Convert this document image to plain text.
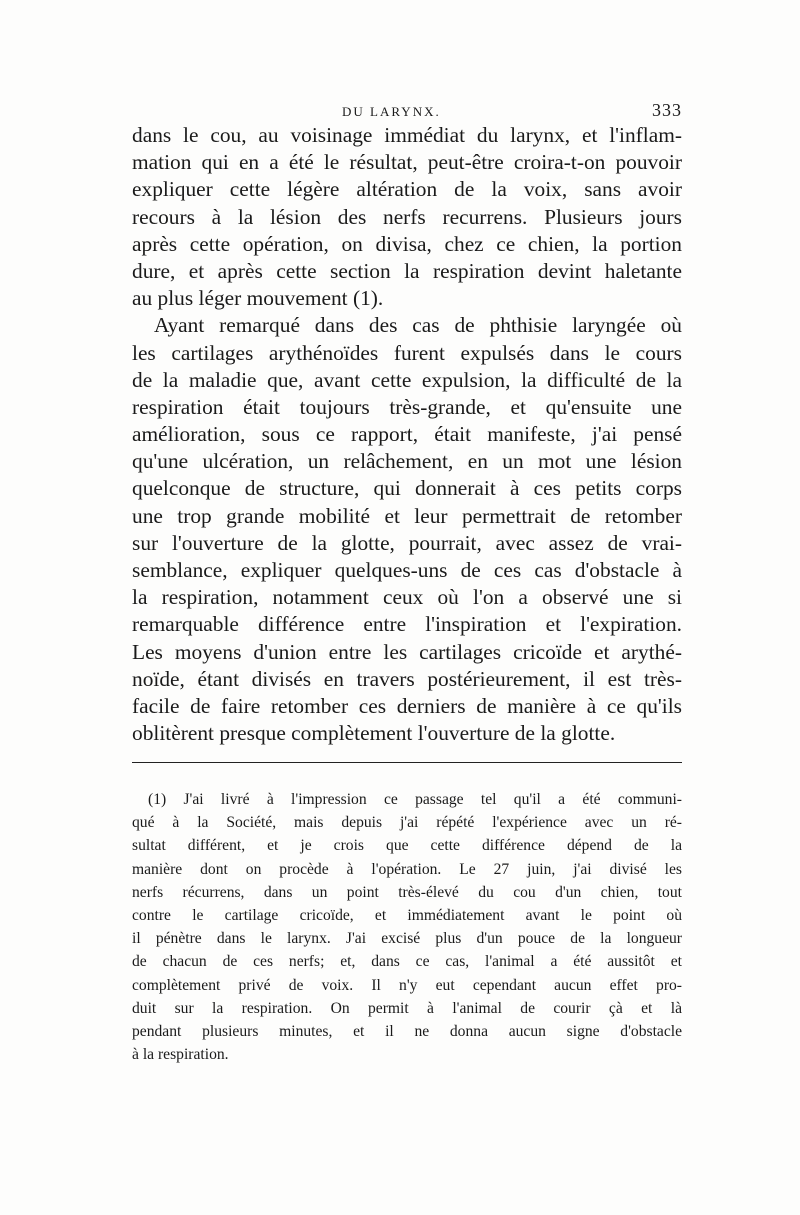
DU LARYNX.	333
dans le cou, au voisinage immédiat du larynx, et l'inflam-
mation qui en a été le résultat, peut-être croira-t-on pouvoir
expliquer cette légère altération de la voix, sans avoir
recours à la lésion des nerfs recurrens. Plusieurs jours
après cette opération, on divisa, chez ce chien, la portion
dure, et après cette section la respiration devint haletante
au plus léger mouvement (1).
Ayant remarqué dans des cas de phthisie laryngée où
les cartilages arythénoïdes furent expulsés dans le cours
de la maladie que, avant cette expulsion, la difficulté de la
respiration était toujours très-grande, et qu'ensuite une
amélioration, sous ce rapport, était manifeste, j'ai pensé
qu'une ulcération, un relâchement, en un mot une lésion
quelconque de structure, qui donnerait à ces petits corps
une trop grande mobilité et leur permettrait de retomber
sur l'ouverture de la glotte, pourrait, avec assez de vrai-
semblance, expliquer quelques-uns de ces cas d'obstacle à
la respiration, notamment ceux où l'on a observé une si
remarquable différence entre l'inspiration et l'expiration.
Les moyens d'union entre les cartilages cricoïde et arythé-
noïde, étant divisés en travers postérieurement, il est très-
facile de faire retomber ces derniers de manière à ce qu'ils
oblitèrent presque complètement l'ouverture de la glotte.
(1) J'ai livré à l'impression ce passage tel qu'il a été communi-
qué à la Société, mais depuis j'ai répété l'expérience avec un ré-
sultat différent, et je crois que cette différence dépend de la
manière dont on procède à l'opération. Le 27 juin, j'ai divisé les
nerfs récurrens, dans un point très-élevé du cou d'un chien, tout
contre le cartilage cricoïde, et immédiatement avant le point où
il pénètre dans le larynx. J'ai excisé plus d'un pouce de la longueur
de chacun de ces nerfs; et, dans ce cas, l'animal a été aussitôt et
complètement privé de voix. Il n'y eut cependant aucun effet pro-
duit sur la respiration. On permit à l'animal de courir çà et là
pendant plusieurs minutes, et il ne donna aucun signe d'obstacle
à la respiration.
